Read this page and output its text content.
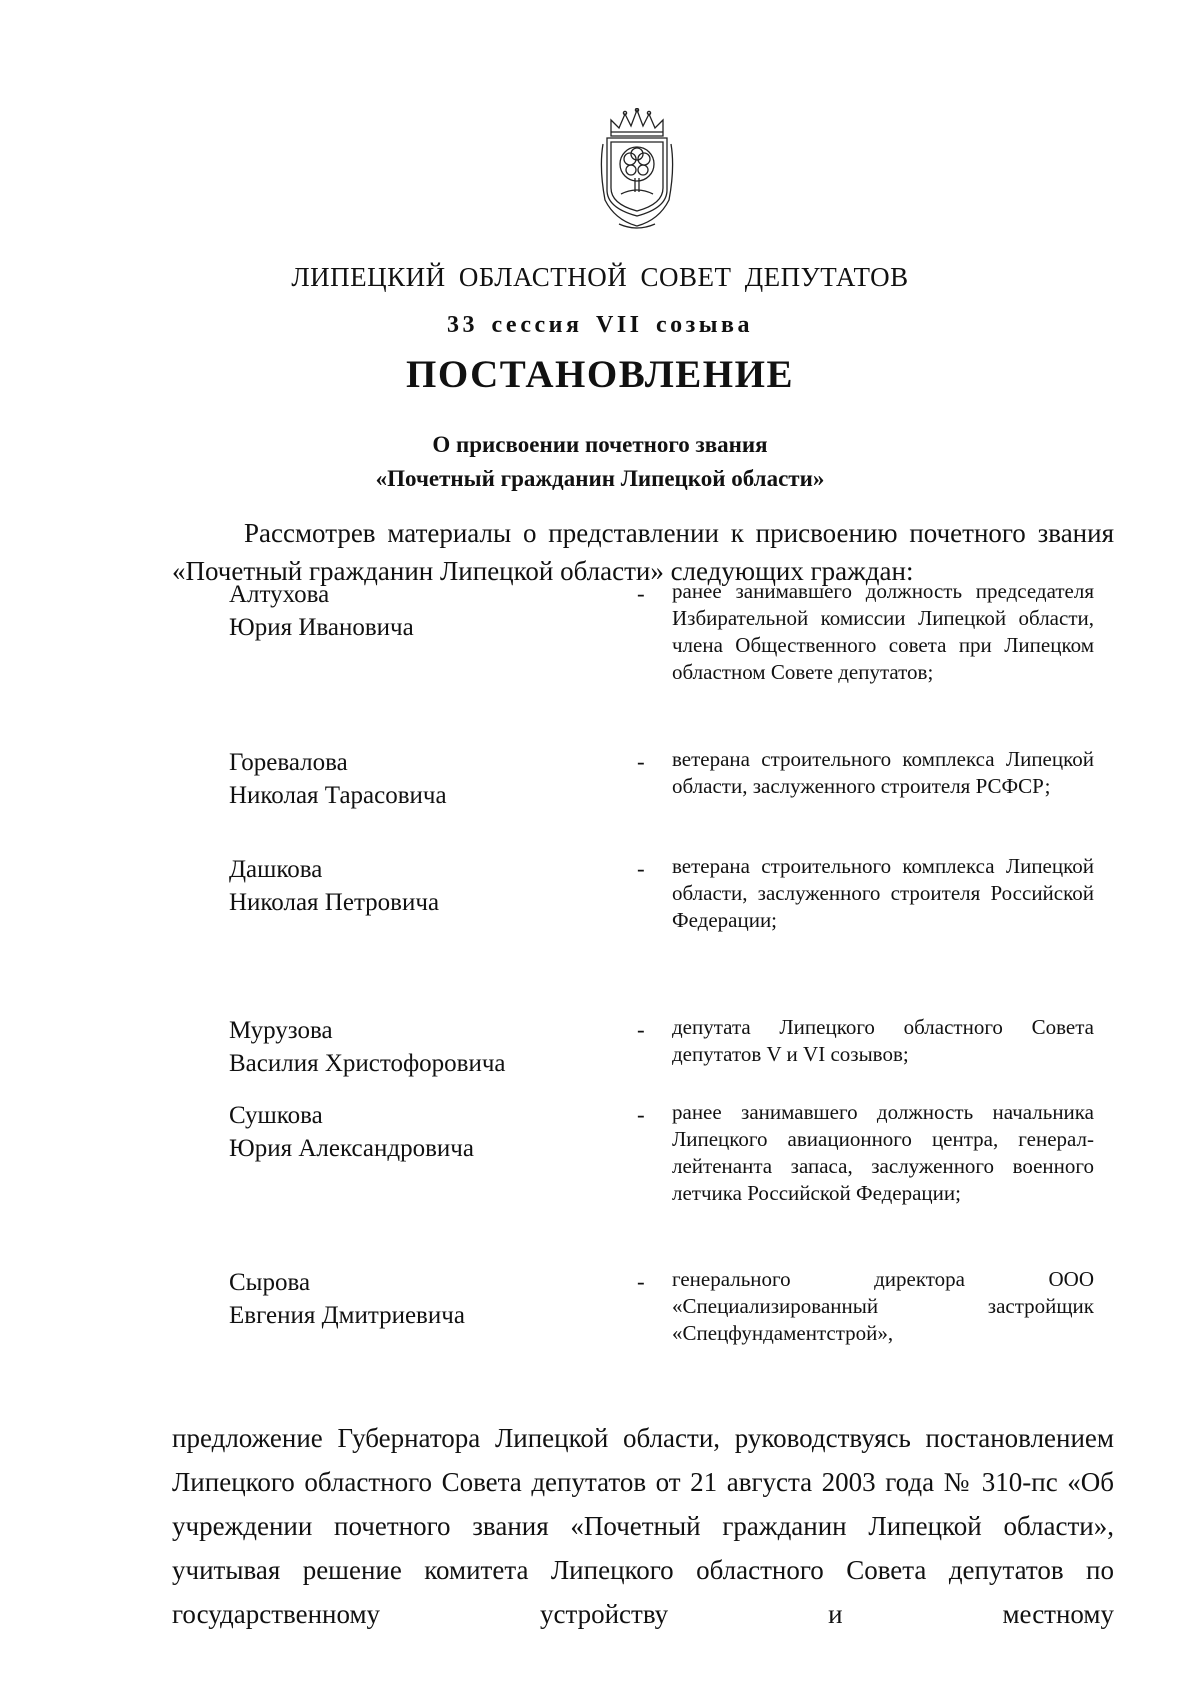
ЛИПЕЦКИЙ ОБЛАСТНОЙ СОВЕТ ДЕПУТАТОВ
33 сессия VII созыва
ПОСТАНОВЛЕНИЕ
О присвоении почетного звания
«Почетный гражданин Липецкой области»
Рассмотрев материалы о представлении к присвоению почетного звания «Почетный гражданин Липецкой области» следующих граждан:
Алтухова
Юрия Ивановича
- ранее занимавшего должность председателя Избирательной комиссии Липецкой области, члена Общественного совета при Липецком областном Совете депутатов;
Горевалова
Николая Тарасовича
- ветерана строительного комплекса Липецкой области, заслуженного строителя РСФСР;
Дашкова
Николая Петровича
- ветерана строительного комплекса Липецкой области, заслуженного строителя Российской Федерации;
Мурузова
Василия Христофоровича
- депутата Липецкого областного Совета депутатов V и VI созывов;
Сушкова
Юрия Александровича
- ранее занимавшего должность начальника Липецкого авиационного центра, генерал-лейтенанта запаса, заслуженного военного летчика Российской Федерации;
Сырова
Евгения Дмитриевича
- генерального директора ООО «Специализированный застройщик «Спецфундаментстрой»,
предложение Губернатора Липецкой области, руководствуясь постановлением Липецкого областного Совета депутатов от 21 августа 2003 года № 310-пс «Об учреждении почетного звания «Почетный гражданин Липецкой области», учитывая решение комитета Липецкого областного Совета депутатов по государственному устройству и местному
